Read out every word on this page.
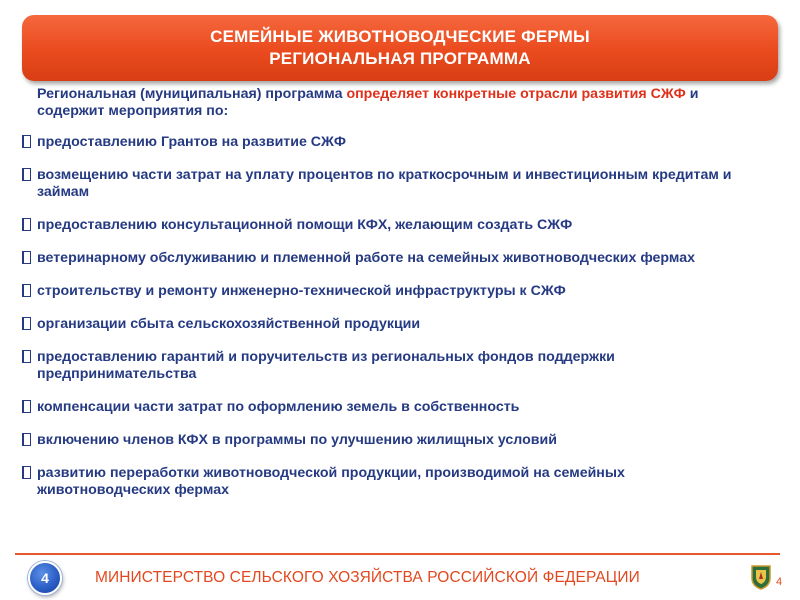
СЕМЕЙНЫЕ ЖИВОТНОВОДЧЕСКИЕ ФЕРМЫ
РЕГИОНАЛЬНАЯ ПРОГРАММА
Региональная (муниципальная) программа определяет конкретные отрасли развития СЖФ и содержит мероприятия по:
предоставлению Грантов на развитие СЖФ
возмещению части затрат на уплату процентов по краткосрочным и инвестиционным кредитам и займам
предоставлению консультационной помощи КФХ, желающим создать СЖФ
ветеринарному обслуживанию и племенной работе на семейных животноводческих фермах
строительству и ремонту инженерно-технической инфраструктуры к СЖФ
организации сбыта сельскохозяйственной продукции
предоставлению гарантий и поручительств из региональных фондов поддержки предпринимательства
компенсации части затрат по оформлению земель в собственность
включению членов КФХ в программы по улучшению жилищных условий
развитию переработки животноводческой продукции, производимой на семейных животноводческих фермах
4	МИНИСТЕРСТВО СЕЛЬСКОГО ХОЗЯЙСТВА РОССИЙСКОЙ ФЕДЕРАЦИИ	4
